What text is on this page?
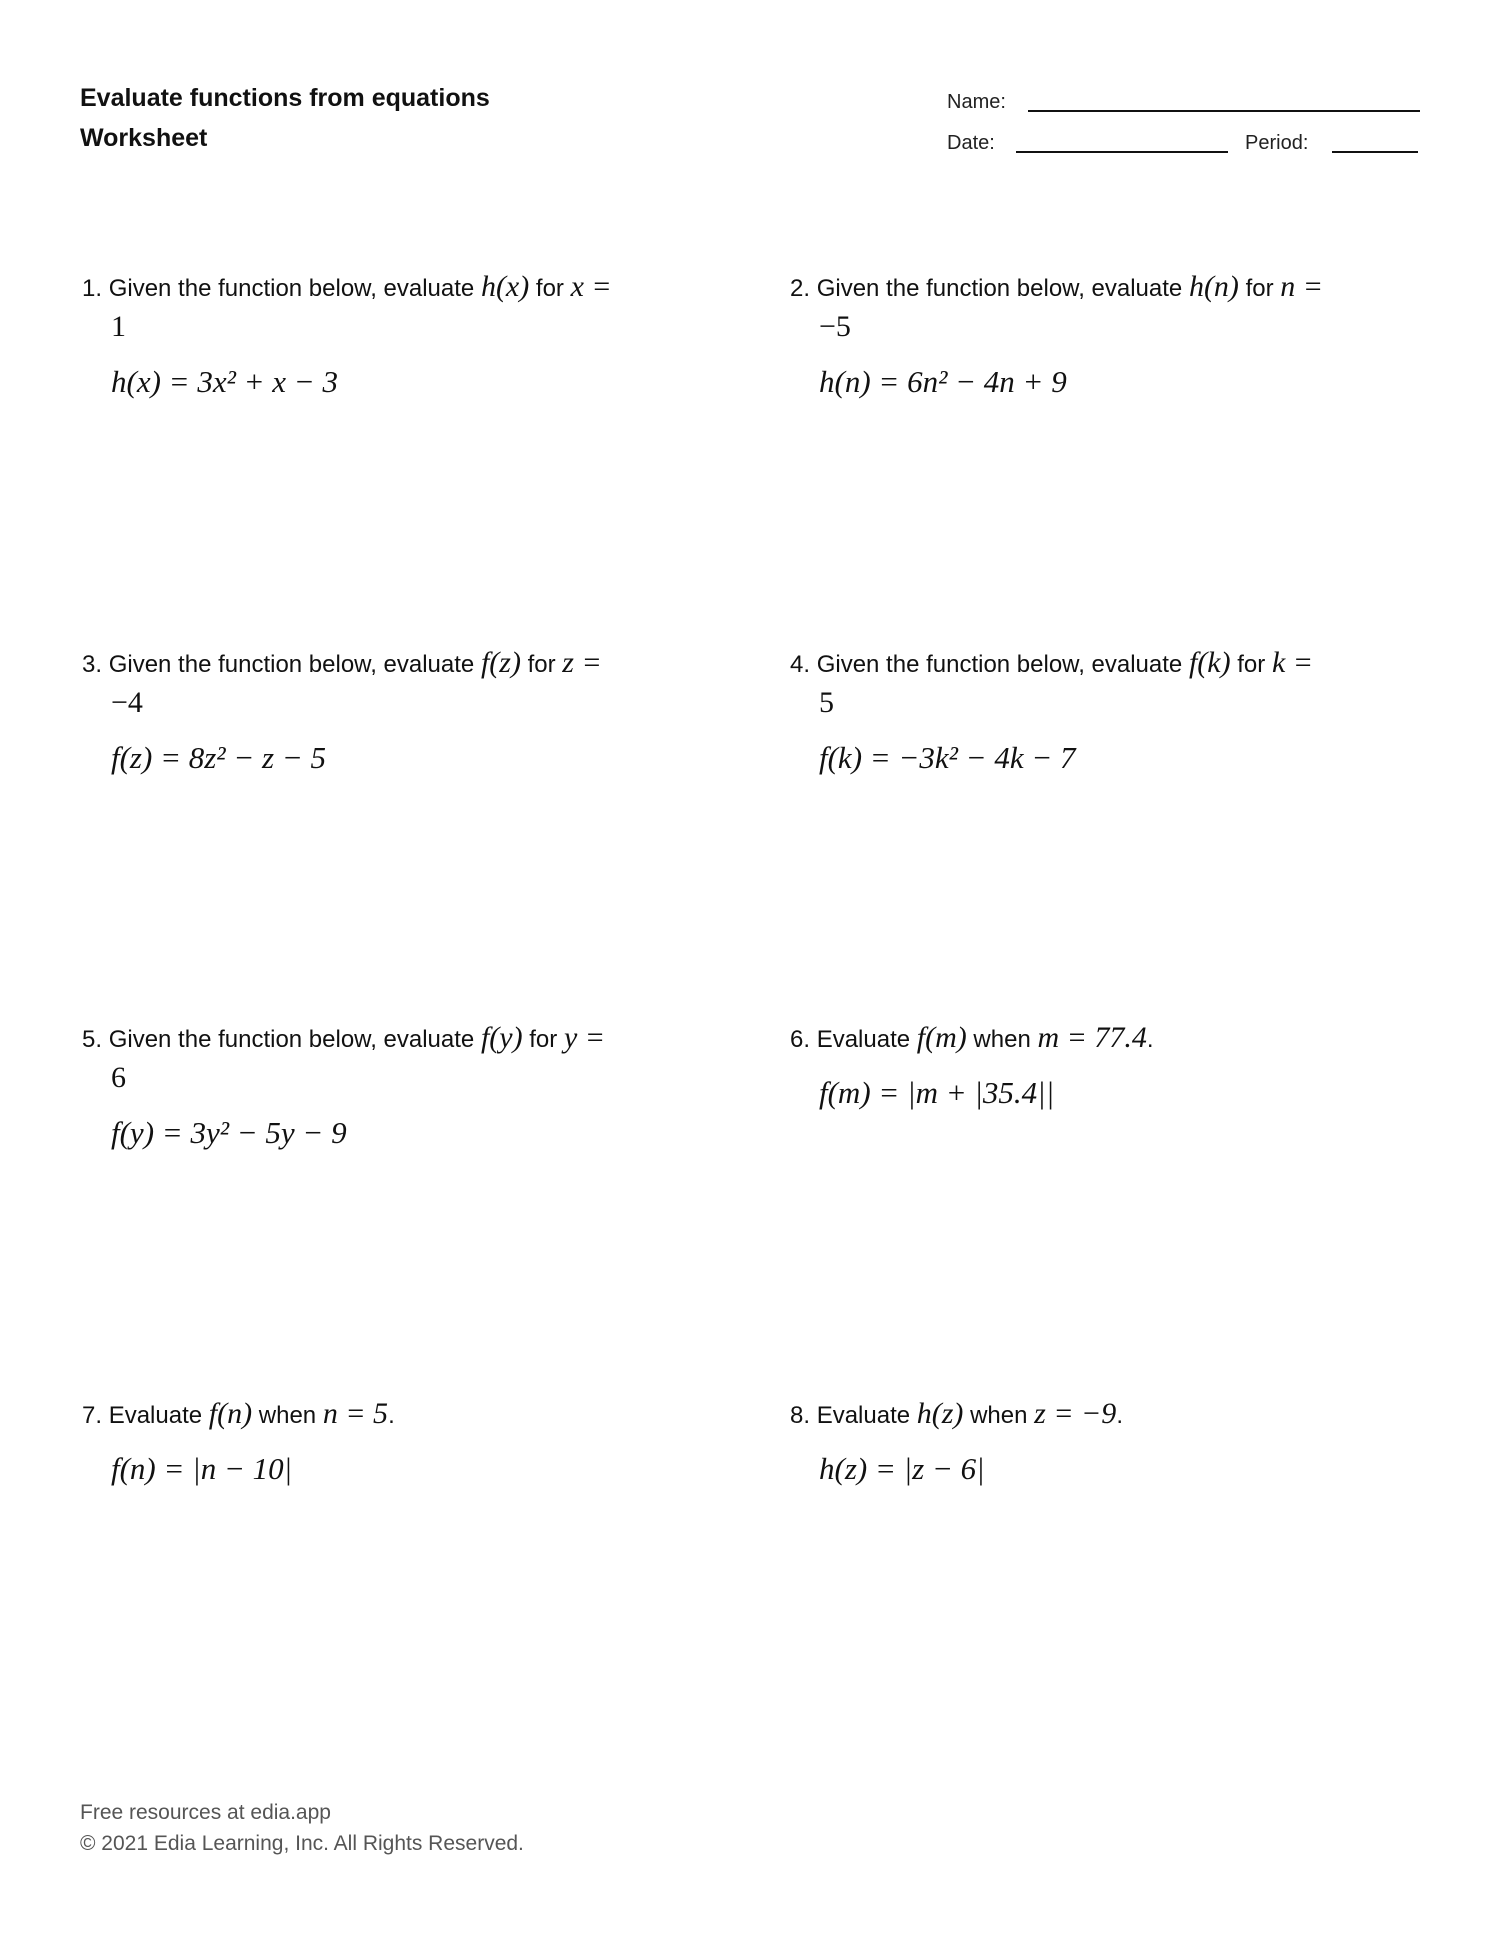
Evaluate functions from equations
Worksheet
Name:
Date:	Period:
1. Given the function below, evaluate h(x) for x =
1
h(x) = 3x² + x − 3
2. Given the function below, evaluate h(n) for n =
−5
h(n) = 6n² − 4n + 9
3. Given the function below, evaluate f(z) for z =
−4
f(z) = 8z² − z − 5
4. Given the function below, evaluate f(k) for k =
5
f(k) = −3k² − 4k − 7
5. Given the function below, evaluate f(y) for y =
6
f(y) = 3y² − 5y − 9
6. Evaluate f(m) when m = 77.4.
f(m) = |m + |35.4||
7. Evaluate f(n) when n = 5.
f(n) = |n − 10|
8. Evaluate h(z) when z = −9.
h(z) = |z − 6|
Free resources at edia.app
© 2021 Edia Learning, Inc. All Rights Reserved.
